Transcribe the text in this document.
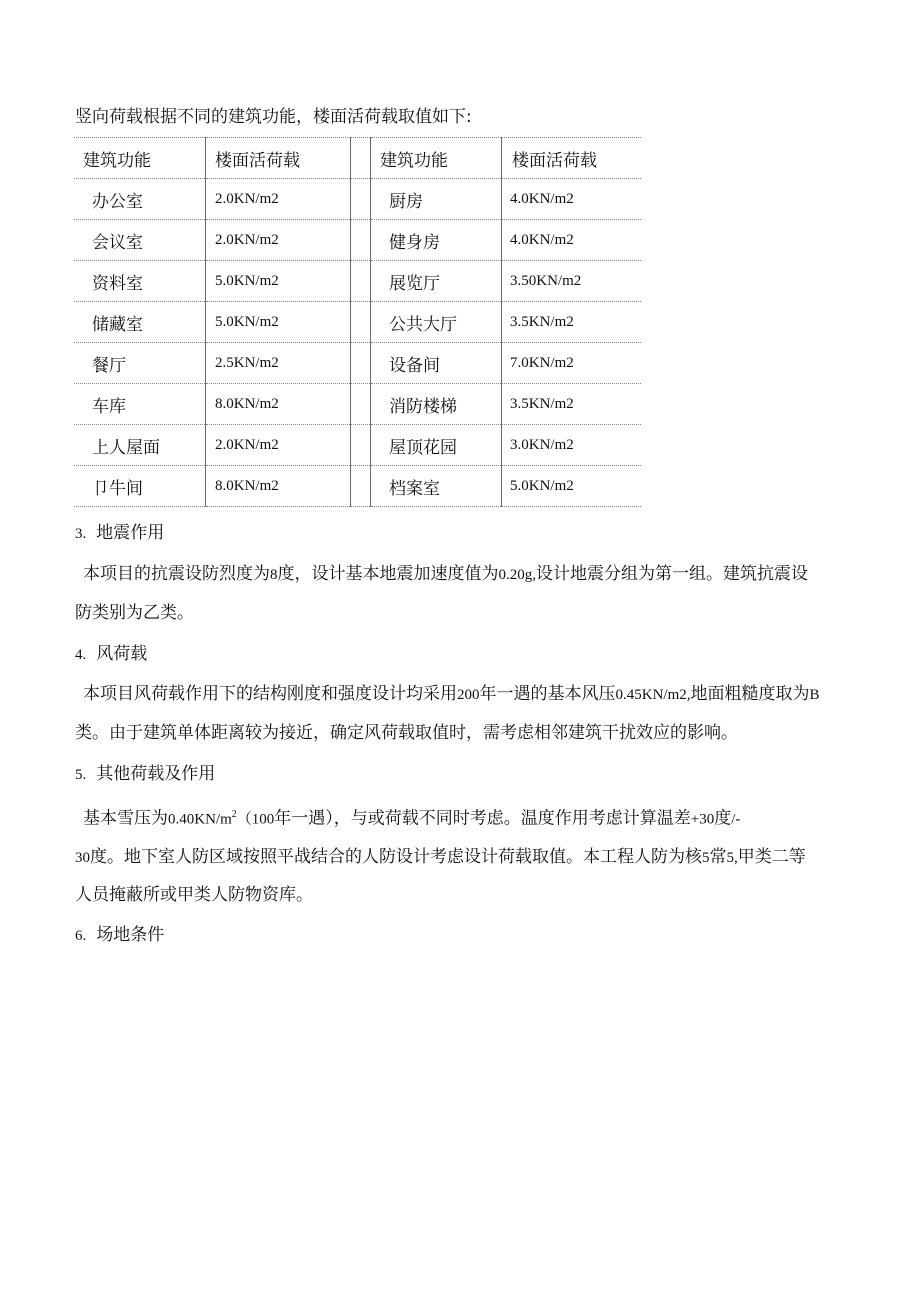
竖向荷载根据不同的建筑功能，楼面活荷载取值如下:
建筑功能	楼面活荷载		建筑功能	楼面活荷载
办公室	2.0KN/m2		厨房	4.0KN/m2
会议室	2.0KN/m2		健身房	4.0KN/m2
资料室	5.0KN/m2		展览厅	3.50KN/m2
储藏室	5.0KN/m2		公共大厅	3.5KN/m2
餐厅	2.5KN/m2		设备间	7.0KN/m2
车库	8.0KN/m2		消防楼梯	3.5KN/m2
上人屋面	2.0KN/m2		屋顶花园	3.0KN/m2
卩牛间	8.0KN/m2		档案室	5.0KN/m2
3. 地震作用
本项目的抗震设防烈度为8度，设计基本地震加速度值为0.20g,设计地震分组为第一组。建筑抗震设
防类别为乙类。
4. 风荷载
本项目风荷载作用下的结构刚度和强度设计均采用200年一遇的基本风压0.45KN/m2,地面粗糙度取为B
类。由于建筑单体距离较为接近，确定风荷载取值时，需考虑相邻建筑干扰效应的影响。
5. 其他荷载及作用
基本雪压为$0.40KN/m^2(100$年一遇），与或荷载不同时考虑。温度作用考虑计算温差+30度/-
30度。地下室人防区域按照平战结合的人防设计考虑设计荷载取值。本工程人防为核5常5,甲类二等
人员掩蔽所或甲类人防物资库。
6. 场地条件
